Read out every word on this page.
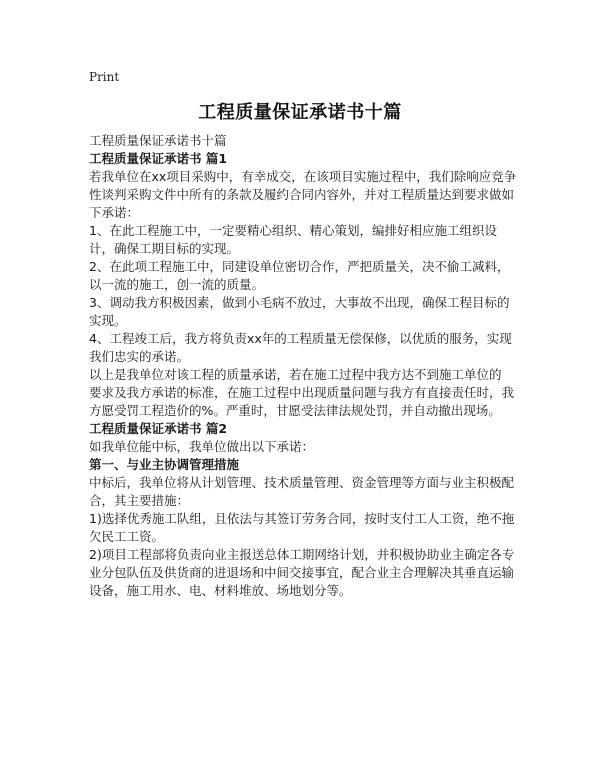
Print
工程质量保证承诺书十篇

工程质量保证承诺书十篇

工程质量保证承诺书 篇1

若我单位在xx项目采购中，有幸成交，在该项目实施过程中，我们除响应竞争性谈判采购文件中所有的条款及履约合同内容外，并对工程质量达到要求做如下承诺：

1、在此工程施工中，一定要精心组织、精心策划，编排好相应施工组织设计，确保工期目标的实现。

2、在此项工程施工中，同建设单位密切合作，严把质量关，决不偷工减料，以一流的施工，创一流的质量。

3、调动我方积极因素，做到小毛病不放过，大事故不出现，确保工程目标的实现。

4、工程竣工后，我方将负责xx年的工程质量无偿保修，以优质的服务，实现我们忠实的承诺。

以上是我单位对该工程的质量承诺，若在施工过程中我方达不到施工单位的 要求及我方承诺的标准，在施工过程中出现质量问题与我方有直接责任时，我方愿受罚工程造价的%。严重时，甘愿受法律法规处罚，并自动撤出现场。

工程质量保证承诺书 篇2

如我单位能中标，我单位做出以下承诺：

第一、与业主协调管理措施

中标后，我单位将从计划管理、技术质量管理、资金管理等方面与业主积极配合，其主要措施：

1)选择优秀施工队组，且依法与其签订劳务合同，按时支付工人工资，绝不拖欠民工工资。

2)项目工程部将负责向业主报送总体工期网络计划，并积极协助业主确定各专业分包队伍及供货商的进退场和中间交接事宜，配合业主合理解决其垂直运输设备，施工用水、电、材料堆放、场地划分等。
